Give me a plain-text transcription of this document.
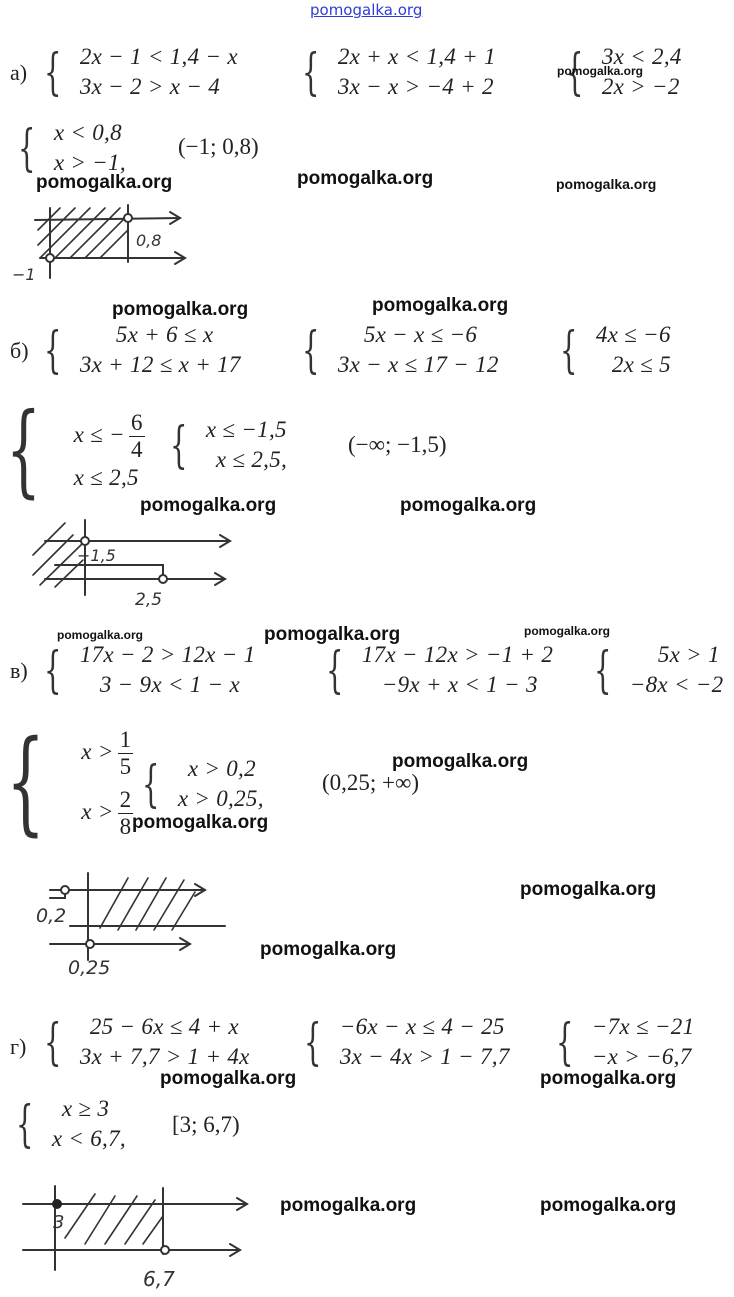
pomogalka.org
а) { 2x − 1 < 1,4 − x
3x − 2 > x − 4	{ 2x + x < 1,4 + 1
3x − x > −4 + 2 { 3x < 2,4
2x > −2
{ x < 0,8
x > −1,
(−1; 0,8)
0,8
−1
б) {	5x + 6 ≤ x
3x + 12 ≤ x + 17 {	5x − x ≤ −6
3x − x ≤ 17 − 12 { 4x ≤ −6
2x ≤ 5
{ x ≤ − $\frac{6}{4}$
x ≤ 2,5
{ x ≤ −1,5
x ≤ 2,5,
(−∞; −1,5)
−1,5
2,5
в) { 17x − 2 > 12x − 1
3 − 9x < 1 − x	{ 17x − 12x > −1 + 2
−9x + x < 1 − 3	{	5x > 1
−8x < −2
{ $x > \frac{1}{5}$
$x > \frac{2}{8}$
{	x > 0,2
x > 0,25,
(0,25; +∞)
0,2
0,25
г) {	25 − 6x ≤ 4 + x
3x + 7,7 > 1 + 4x { −6x − x ≤ 4 − 25
3x − 4x > 1 − 7,7 { −7x ≤ −21
−x > −6,7
{	x ≥ 3
x < 6,7,
[3; 6,7)
3
6,7
pomogalka.org
pomogalka.org	pomogalka.org	pomogalka.org
pomogalka.org	pomogalka.org
pomogalka.org	pomogalka.org
pomogalka.org	pomogalka.org	pomogalka.org
pomogalka.org
pomogalka.org
pomogalka.org
pomogalka.org
pomogalka.org	pomogalka.org
pomogalka.org	pomogalka.org
